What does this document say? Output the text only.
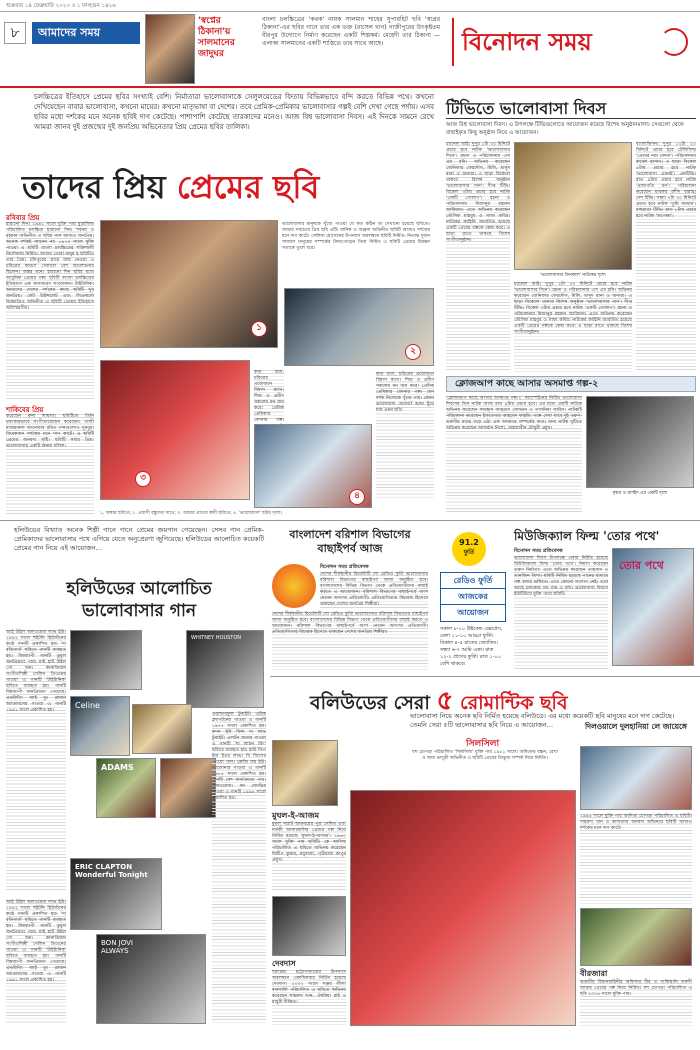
শুক্রবার ১৪ ফেব্রুয়ারি ২০২০ ॥ ১ ফাল্গুন ১৪২৬
৮	আমাদের সময়
'স্বপ্নের ঠিকানা'য় সালমানের জাদুঘর
বাংলা চলচ্চিত্রের 'কথক' নায়ক সালমান শাহের সুপারহিট ছবি 'স্বপ্নের ঠিকানা'-এর ছবির গানে তার এক ভক্ত (রাসেল খান) গাজীপুরের উৎকৃষ্টতম বীরপুর উদ্যোগে নির্মাণ করেছেন একটি শিল্পকর্ম। মেহেদী তার ঠিকানা — এলাকা সালমানের একটি শাস্তিতে তার সাথে আছে।	বিনোদন সময়
চলচ্চিত্রের ইতিহাসে প্রেমের ছবির সংখ্যাই বেশি। নির্মাতারা ভালোবাসাকে সেলুলয়েডের ফিতায় বিভিন্নভাবে বন্দি করতে বিভিন্ন পথে। কখনো দেখিয়েছেন বাবার ভালোবাসা, কখনো মায়ের। কখনো মাতৃভাষা বা দেশের। তবে প্রেমিক-প্রেমিকার ভালোবাসার গল্পই বেশি দেখা গেছে পর্দায়। এসব ছবির মধ্যে দর্শকের মনে অনেক ছবিই দাগ কেটেছে। পাশাপাশি কেটেছে তারকাদের মনেও। আজ বিশ্ব ভালোবাসা দিবস। এই দিনকে সামনে রেখে আমরা জানব দুই প্রজন্মের দুই জনপ্রিয় অভিনেতার প্রিয় প্রেমের ছবির তালিকা।
তাদের প্রিয় প্রেমের ছবি
রবিবার প্রিয়
হারানো দিন। ১৯৬১ সালে মুক্তি পায় মুস্তাফিজ পরিচালিত চলচ্চিত্র হারানো দিন। শবনম ও রহমান অভিনীত এ ছবির গান আজও জনপ্রিয়। অনেক দর্শকই জানেন না। ১৯৭৩ সালে মুক্তি পাওয়া এ ছবিটি বাংলা চলচ্চিত্রের শক্তিশালী নির্দেশনায় নির্মিত। আবার তোরা মানুষ হ ছবিটিও তার প্রিয়। চাঁদপুরের গ্রামে জন্ম নেওয়া এ চরিত্রের কারণে সেকালে বেশ আলোচনায় ছিলেন। অন্তর মনে। হারানো দিন ছবির মধ্যে আধুনিক প্রেমের গল্প। ছবিটি বাংলা চলচ্চিত্রের ইতিহাসে এক অসাধারণ সংযোজন। টাইটানিক। আমাদের দেশের দর্শকের কাছে ছবিটি খুব জনপ্রিয়। কেট উইন্সলেট এবং লিওনার্দো ডিক্যাপ্রিও অভিনীত এ ছবিটি প্রেমের ইতিহাসে অবিস্মরণীয়।
শাকিবের প্রিয়
করেছেন রুনা লায়লা। ছবিটিতে তিনি চমৎকারভাবে সংগীতায়োজন করেছেন। গাজী মাজহারুল আনোয়ার রচিত গানগুলোও সুমধুর। বিবেকবান দর্শকের মনে দাগ কাটে। এ ছবিটি প্রেমের অনবদ্য সৃষ্টি। ছবিটি সবার প্রিয়। ভালোবাসার একটি অনন্য দলিল।
১
ভালোবাসার মানুষকে খুঁজে পাওয়া যে কত কঠিন তা দেখানো হয়েছে ছবিতে। আমার সবচেয়ে প্রিয় ছবি এটি। মানিক ও অঞ্জনা অভিনীত ছবিটি আজও দর্শকের মনে দাগ কাটে। সেলিনা হোসেনের উপন্যাস অবলম্বনে ছবিটি নির্মিত। নিতান্ত দুজন সাধারণ মানুষের সম্পর্কের টানাপোড়েন নিয়ে নির্মিত এ ছবিটি প্রেমের চিরন্তন সত্যকে তুলে ধরে।
২
৩
কথা বলে, চরিত্রের প্রয়োজনে বিশ্বাস রাখে। শিশু ও প্রবীণ সকলের মন জয় করে। প্রেমিক প্রেমিকার বেদনার গল্প।
কথা বলে, চরিত্রের প্রয়োজনে বিশ্বাস রাখে। শিশু ও প্রবীণ সকলের মন জয় করে। প্রেমিক প্রেমিকার বেদনার গল্প। যেন দর্শক নিজেকে খুঁজে পায়। কেমন ভালোবাসা তাদের? হৃদয় ছুঁয়ে যায় এমন ছবি।
৪
১, অঙ্গার ছবিতে; ২. প্রবাসী বন্ধুদের সাথে; ৩. আমার প্রাণের স্বামী ছবিতে; ৪. 'ভালোবাসা' ছবির দৃশ্যে।
টিভিতে ভালোবাসা দিবস
আজ বিশ্ব ভালোবাসা দিবস। এ উপলক্ষে টিভিগুলোতে আয়োজন করেছে বিশেষ অনুষ্ঠানমালা। সেগুলো থেকে বাছাইকৃত কিছু অনুষ্ঠান নিয়ে এ আয়োজন।
চ্যানেল আই। দুপুর ১টা ৩০ মিনিটে প্রচার হবে নাটক 'ভালোবাসার দিনে'। রচনা ও পরিচালনায় এস এম রনি। অভিনয় করেছেন জেনিফার ফেরদৌস, মিলি, মাসুদ রানা ও অন্যরা। এ ছাড়া বিকেলে থাকবে বিশেষ অনুষ্ঠান 'ভালোবাসার গান'। দীপ্ত টিভি। বিকেল ৩টায় প্রচার হবে নাটক 'একটি গোলাপ'। রচনা ও পরিচালনায় মিজানুর রহমান আরিয়ান। এতে অভিনয় করেছেন তৌসিফ মাহবুব ও সাফা কবির। নাটকের কাহিনি আবর্তিত হয়েছে একটি প্রেমের গল্পকে কেন্দ্র করে। এ ছাড়া রাতে থাকছে বিশেষ সংগীতানুষ্ঠান।
'ভালোবাসার তিনকাল' নাটকের দৃশ্যে
বাংলাভিশন। দুপুর ১২টা ২০ মিনিটে প্রচার হবে টেলিফিল্ম 'প্রেমের নাম বেদনা'। পরিচালনায় রুবেল হাসান। এ ছাড়া বিকেল ৫টায় প্রচার হবে নাটক 'ভালোবাসা এমনই'। এনটিভি। রাত ৯টায় প্রচার হবে নাটক 'প্রজাপতি মন'। পরিচালনা করেছেন মাবরুর রশীদ বান্নাহ। দেশ টিভি। সন্ধ্যা ৭টা ৩০ মিনিটে প্রচার হবে নাটক 'তুমি আমার'। মাছরাঙা টিভি। রাত ৮টায় প্রচার হবে নাটক 'অপেক্ষা'।
চ্যানেল আই। দুপুর ১টা ৩০ মিনিটে প্রচার হবে নাটক 'ভালোবাসার দিনে'। রচনা ও পরিচালনায় এস এম রনি। অভিনয় করেছেন জেনিফার ফেরদৌস, মিলি, মাসুদ রানা ও অন্যরা। এ ছাড়া বিকেলে থাকবে বিশেষ অনুষ্ঠান 'ভালোবাসার গান'। দীপ্ত টিভি। বিকেল ৩টায় প্রচার হবে নাটক 'একটি গোলাপ'। রচনা ও পরিচালনায় মিজানুর রহমান আরিয়ান। এতে অভিনয় করেছেন তৌসিফ মাহবুব ও সাফা কবির। নাটকের কাহিনি আবর্তিত হয়েছে একটি প্রেমের গল্পকে কেন্দ্র করে। এ ছাড়া রাতে থাকছে বিশেষ সংগীতানুষ্ঠান।
ক্লোজআপ কাছে আসার অসমাপ্ত গল্প-২
'ক্লোজআপ কাছে আসার অসমাপ্ত গল্প-২' ক্যাম্পেইনের নির্মিত ভালোবাসা দিবসের তিন নাটক আজ রাত ৯টায় প্রচার হবে। এর মধ্যে একটি নাটকে অভিনয় করেছেন ফারহান আহমেদ জোভান ও তাসনিয়া ফারিণ। নাটকটি পরিচালনা করেছেন ইফতেখার আহমেদ ফাহমি। গল্পে দেখা যাবে দুই তরুণ-তরুণীর মাঝে গড়ে ওঠা এক অসমাপ্ত সম্পর্কের কথা। অন্য নাটক দুটিতে অভিনয় করেছেন আফরান নিশো, মেহজাবীন চৌধুরী প্রমুখ।
মৃন্ময় ও জাহিদ এর একটি দৃশ্যে
হলিউডের বিখ্যাত অনেক শিল্পী গানে গানে প্রেমের জয়গান গেয়েছেন। সেসব গান প্রেমিক-প্রেমিকাদের ভালোবাসার পথে এগিয়ে যেতে অনুপ্রেরণা জুগিয়েছে। হলিউডের আলোচিত কয়েকটি প্রেমের গান নিয়ে এই আয়োজন...
হলিউডের আলোচিত
ভালোবাসার গান
আই উইল অলওয়েজ লাভ ইউ। ১৯৯২ সালে হুইটনি হিউস্টনের কণ্ঠে গানটি প্রকাশিত হয়। 'দ্য বডিগার্ড' ছবিতে গানটি ব্যবহৃত হয়। বিশ্বব্যাপী গানটি তুমুল জনপ্রিয়তা পায়। মাই হার্ট উইল গো অন। কানাডিয়ান সংগীতশিল্পী সেলিন ডিওনের গাওয়া এ গানটি 'টাইটানিক' ছবিতে ব্যবহৃত হয়। গানটি বিশ্বব্যাপী জনপ্রিয়তা পেয়েছে। এভরিথিং আই ডু। ব্রায়ান অ্যাডামসের গাওয়া এ গানটি ১৯৯১ সালে প্রকাশিত হয়।
Celine
WHITNEY HOUSTON
ADAMS
ERIC CLAPTON
Wonderful Tonight
BON JOVI
ALWAYS
ওয়ান্ডারফুল টুনাইট। এরিক ক্ল্যাপটনের গাওয়া এ গানটি ১৯৭৭ সালে প্রকাশিত হয়। ক্যান ইউ ফিল দ্য লাভ টুনাইট। এলটন জনের গাওয়া এ গানটি 'দ্য লায়ন কিং' ছবিতে ব্যবহৃত হয়। হাউ ডিপ ইজ ইওর লাভ। বি জিসের গাওয়া গান। ক্রেজি ফর ইউ। ম্যাডোনার গাওয়া এ গানটি ১৯৮৫ সালে প্রকাশিত হয়। গানটি বেশ জনপ্রিয়তা পায়। অলওয়েজ। বন জোভির গাওয়া এ গানটি ১৯৯৪ সালে প্রকাশিত হয়।
আই উইল অলওয়েজ লাভ ইউ। ১৯৯২ সালে হুইটনি হিউস্টনের কণ্ঠে গানটি প্রকাশিত হয়। 'দ্য বডিগার্ড' ছবিতে গানটি ব্যবহৃত হয়। বিশ্বব্যাপী গানটি তুমুল জনপ্রিয়তা পায়। মাই হার্ট উইল গো অন। কানাডিয়ান সংগীতশিল্পী সেলিন ডিওনের গাওয়া এ গানটি 'টাইটানিক' ছবিতে ব্যবহৃত হয়। গানটি বিশ্বব্যাপী জনপ্রিয়তা পেয়েছে। এভরিথিং আই ডু। ব্রায়ান অ্যাডামসের গাওয়া এ গানটি ১৯৯১ সালে প্রকাশিত হয়।
বাংলাদেশ বরিশাল বিভাগের
বাছাইপর্ব আজ
বিনোদন সময় প্রতিবেদক
দেশের শীর্ষস্থানীয় রিয়েলিটি শো রেডিও ফুর্তি ভালোবাসার বরিশাল বিভাগের বাছাইপর্ব আজ অনুষ্ঠিত হবে। বাংলাদেশের বিভিন্ন বিভাগ থেকে প্রতিযোগীদের বাছাই করতে এ আয়োজন। বরিশাল বিভাগের বাছাইপর্বে অংশ নেবেন অসংখ্য প্রতিযোগী। প্রতিযোগিতার বিচারক হিসেবে থাকছেন দেশের জনপ্রিয় শিল্পীরা।
দেশের শীর্ষস্থানীয় রিয়েলিটি শো রেডিও ফুর্তি ভালোবাসার বরিশাল বিভাগের বাছাইপর্ব আজ অনুষ্ঠিত হবে। বাংলাদেশের বিভিন্ন বিভাগ থেকে প্রতিযোগীদের বাছাই করতে এ আয়োজন। বরিশাল বিভাগের বাছাইপর্বে অংশ নেবেন অসংখ্য প্রতিযোগী। প্রতিযোগিতার বিচারক হিসেবে থাকছেন দেশের জনপ্রিয় শিল্পীরা।
91.2
ফুর্তি
রেডিও ফুর্তি
আজকের
আয়োজন
সকাল ৮-১০ উইকেন্ড এক্সপ্রেস, বেলা ১১-১০ আড্ডা ফুর্তি। বিকাল ৪-৫ রাতের জ্যোতিষ। সন্ধ্যা ৬-৭ আমি একা। রাত ১২-২ প্রাণের ফুর্তি। রাত ১-০০ বেশি থাকবে।
মিউজিক্যাল ফিল্ম 'তোর পথে'
বিনোদন সময় প্রতিবেদক
ভালোবাসা দিবস উপলক্ষে এবার নির্মিত হয়েছে মিউজিক্যাল ফিল্ম 'তোর পথে'। নির্মাণ করেছেন তরুণ নির্মাতা। এতে অভিনয় করেছেন তাহসান ও তানজিন তিশা। ছবিটি নির্মিত হয়েছে গানের মাধ্যমে গল্প বলার ভঙ্গিতে। এতে কোনো সংলাপ নেই। তবে আছে চমৎকার সব গান ও দৃশ্য। ভালোবাসা দিবসে ইউটিউবে মুক্তি পাবে ছবিটি।
তোর পথে
বলিউডের সেরা ৫ রোমান্টিক ছবি
ভালোবাসা নিয়ে অনেক ছবি নির্মিত হয়েছে বলিউডে। এর মধ্যে কয়েকটি ছবি মানুষের মনে দাগ কেটেছে। তেমনি সেরা ৫টি ভালোবাসার ছবি নিয়ে এ আয়োজন...
মুঘল-ই-আজম
মুঘল সম্রাট আকবরের পুত্র সেলিম এবং নর্তকী আনারকলির প্রেমের গল্প নিয়ে নির্মিত হয়েছে 'মুঘল-ই-আজম'। ১৯৬০ সালে মুক্তি পায় ছবিটি। কে আসিফ পরিচালিত এ ছবিতে অভিনয় করেছেন দিলীপ কুমার, মধুবালা, পৃথ্বীরাজ কাপুর প্রমুখ।
দেবদাস
শরৎচন্দ্র চট্টোপাধ্যায়ের উপন্যাস অবলম্বনে একাধিকবার নির্মিত হয়েছে দেবদাস। ২০০২ সালে সঞ্জয় লীলা বানসালি পরিচালিত এ ছবিতে অভিনয় করেছেন শাহরুখ খান, ঐশ্বরিয়া রাই ও মাধুরী দীক্ষিত।
সিলসিলা
যশ চোপড়া পরিচালিত 'সিলসিলা' মুক্তি পায় ১৯৮১ সালে। অমিতাভ বচ্চন, রেখা ও জয়া ভাদুড়ী অভিনীত এ ছবিটি প্রেমের ত্রিভুজ সম্পর্ক নিয়ে নির্মিত।
দিলওয়ালে দুলহানিয়া লে জায়েঙ্গে
১৯৯৫ সালে মুক্তি পায় আদিত্য চোপড়া পরিচালিত এ ছবিটি। শাহরুখ খান ও কাজলের অনবদ্য অভিনয়ে ছবিটি আজও দর্শকের মনে দাগ কাটে।
বীরজারা
ভারতীয় বিমানবাহিনীর অফিসার বীর ও পাকিস্তানি তরুণী জারার প্রেমের গল্প নিয়ে নির্মিত। যশ চোপড়া পরিচালিত এ ছবি ২০০৪ সালে মুক্তি পায়।
